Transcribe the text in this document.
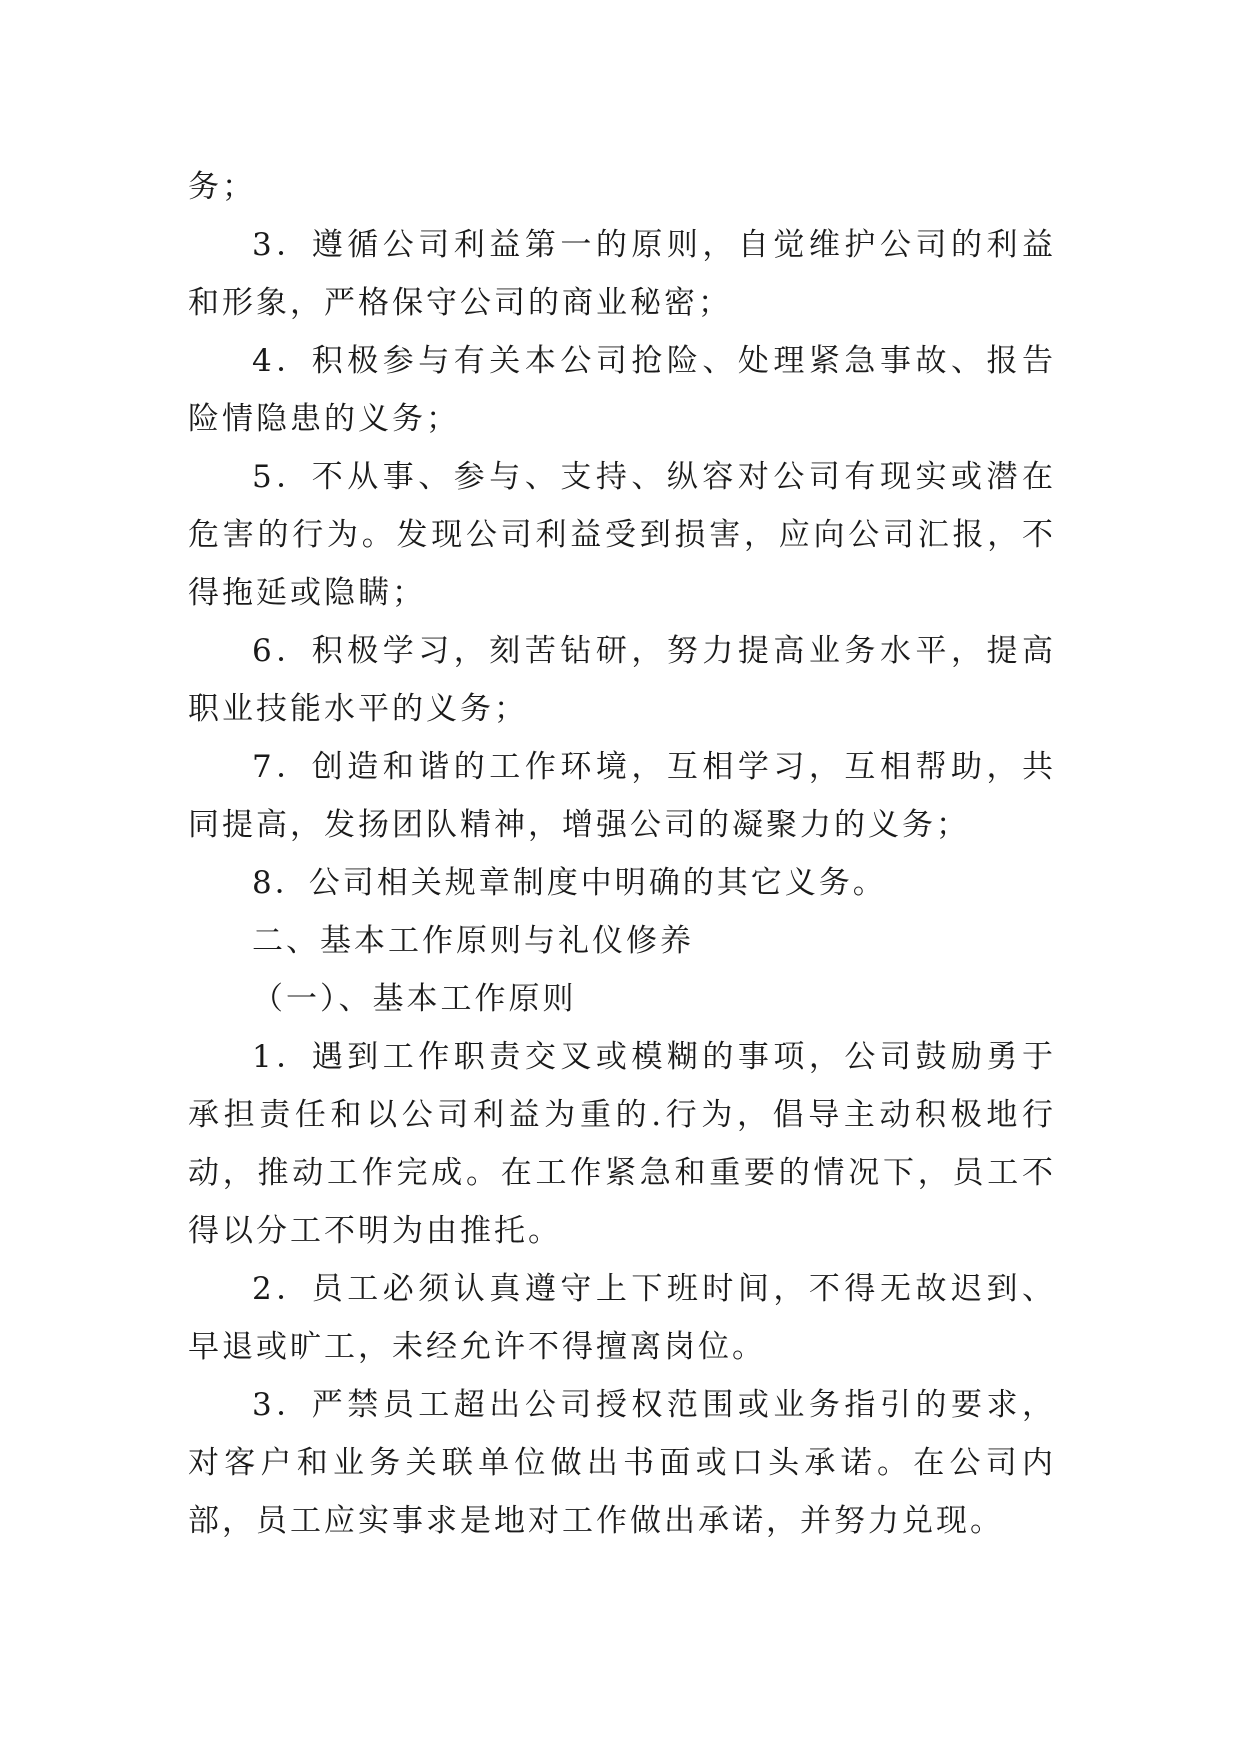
务；

3．遵循公司利益第一的原则，自觉维护公司的利益和形象，严格保守公司的商业秘密；

4．积极参与有关本公司抢险、处理紧急事故、报告险情隐患的义务；

5．不从事、参与、支持、纵容对公司有现实或潜在危害的行为。发现公司利益受到损害，应向公司汇报，不得拖延或隐瞒；

6．积极学习，刻苦钻研，努力提高业务水平，提高职业技能水平的义务；

7．创造和谐的工作环境，互相学习，互相帮助，共同提高，发扬团队精神，增强公司的凝聚力的义务；

8．公司相关规章制度中明确的其它义务。

二、基本工作原则与礼仪修养

（一）、基本工作原则

1．遇到工作职责交叉或模糊的事项，公司鼓励勇于承担责任和以公司利益为重的.行为，倡导主动积极地行动，推动工作完成。在工作紧急和重要的情况下，员工不得以分工不明为由推托。

2．员工必须认真遵守上下班时间，不得无故迟到、早退或旷工，未经允许不得擅离岗位。

3．严禁员工超出公司授权范围或业务指引的要求，对客户和业务关联单位做出书面或口头承诺。在公司内部，员工应实事求是地对工作做出承诺，并努力兑现。
